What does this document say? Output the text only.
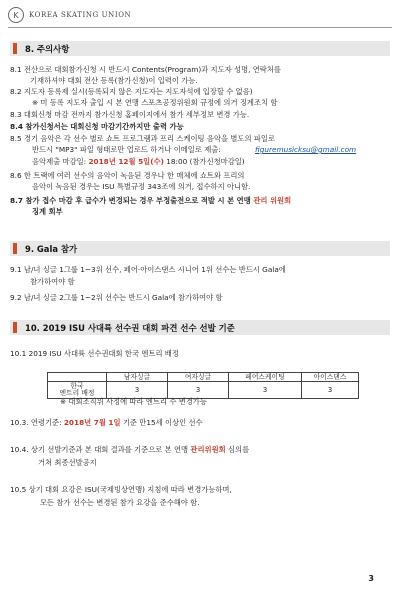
K	KOREA SKATING UNION
8. 주의사항
8.1 전산으로 대회참가신청 시 반드시 Contents(Program)과 지도자 성명, 연락처를
기재하셔야 대회 전산 등록(참가신청)이 입력이 가능.
8.2 지도자 등록제 실시(등록되지 않은 지도자는 지도자석에 입장할 수 없음)
※ 미 등록 지도자 출입 시 본 연맹 스포츠공정위원회 규정에 의거 징계조치 함
8.3 대회신청 마감 전까지 참가신청 홈페이지에서 참가 세부정보 변경 가능.
8.4 참가신청서는 대회신청 마감기간까지만 출력 가능
8.5 경기 음악은 각 선수 별로 쇼트 프로그램과 프리 스케이팅 음악을 별도의 파일로
반드시 "MP3" 파일 형태로만 업로드 하거나 이메일로 제출:	figuremusicksu@gmail.com
음악제출 마감일: 2018년 12월 5일(수) 18:00 (참가신청마감일)
8.6 한 트랙에 여러 선수의 음악이 녹음된 경우나 한 매체에 쇼트와 프리의
음악이 녹음된 경우는 ISU 특별규정 343조에 의거, 접수하지 아니함.
8.7 참가 접수 마감 후 급수가 변경되는 경우 부정출전으로 적발 시 본 연맹 관리 위원회
징계 회부
9. Gala 참가
9.1 남/녀 싱글 1그룹 1~3위 선수, 페어·아이스댄스 시니어 1위 선수는 반드시 Gala에
참가하여야 함
9.2 남/녀 싱글 2그룹 1~2위 선수는 반드시 Gala에 참가하여야 함
10. 2019 ISU 사대륙 선수권 대회 파견 선수 선발 기준
10.1 2019 ISU 사대륙 선수권대회 한국 엔트리 배정
	남자싱글	여자싱글	페어스케이팅	아이스댄스
한국
엔트리 배정	3	3	3	3
※ 대회조직위 사정에 따라 엔트리 수 변경가능
10.3. 연령기준: 2018년 7월 1일 기준 만15세 이상인 선수
10.4. 상기 선발기준과 본 대회 결과를 기준으로 본 연맹 관리위원회 심의를
거쳐 최종선발공지
10.5 상기 대회 요강은 ISU(국제빙상연맹) 지침에 따라 변경가능하며,
모든 참가 선수는 변경된 참가 요강을 준수해야 함.
3
